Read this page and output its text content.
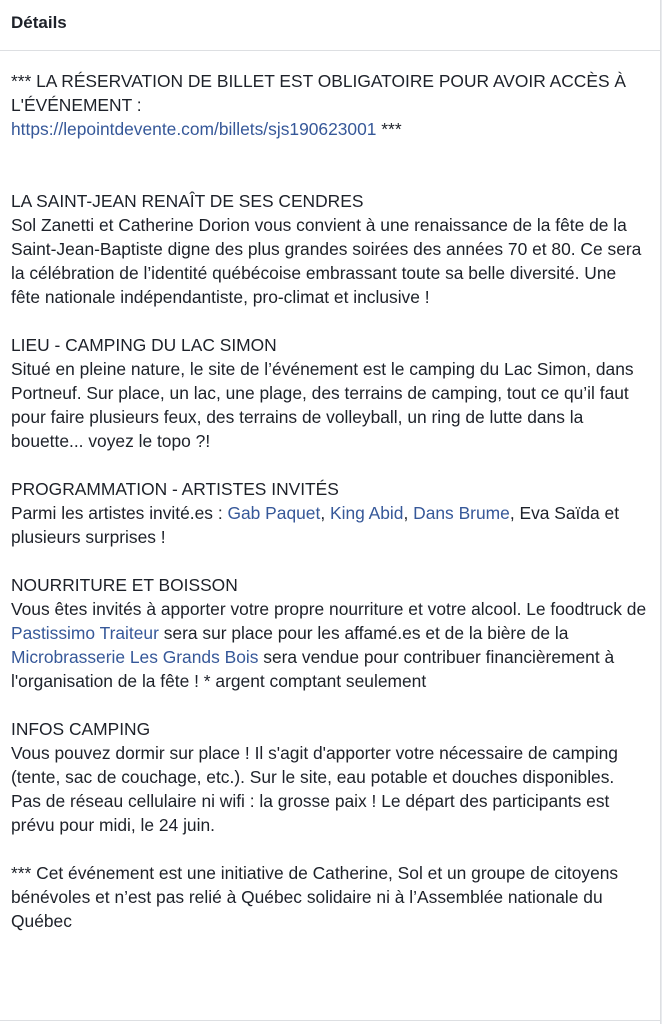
Détails

*** LA RÉSERVATION DE BILLET EST OBLIGATOIRE POUR AVOIR ACCÈS À L'ÉVÉNEMENT :
https://lepointdevente.com/billets/sjs190623001 ***

LA SAINT-JEAN RENAÎT DE SES CENDRES
Sol Zanetti et Catherine Dorion vous convient à une renaissance de la fête de la Saint-Jean-Baptiste digne des plus grandes soirées des années 70 et 80. Ce sera la célébration de l’identité québécoise embrassant toute sa belle diversité. Une fête nationale indépendantiste, pro-climat et inclusive !

LIEU - CAMPING DU LAC SIMON
Situé en pleine nature, le site de l’événement est le camping du Lac Simon, dans Portneuf. Sur place, un lac, une plage, des terrains de camping, tout ce qu’il faut pour faire plusieurs feux, des terrains de volleyball, un ring de lutte dans la bouette... voyez le topo ?!

PROGRAMMATION - ARTISTES INVITÉS
Parmi les artistes invité.es : Gab Paquet, King Abid, Dans Brume, Eva Saïda et plusieurs surprises !

NOURRITURE ET BOISSON
Vous êtes invités à apporter votre propre nourriture et votre alcool. Le foodtruck de Pastissimo Traiteur sera sur place pour les affamé.es et de la bière de la Microbrasserie Les Grands Bois sera vendue pour contribuer financièrement à l'organisation de la fête ! * argent comptant seulement

INFOS CAMPING
Vous pouvez dormir sur place ! Il s'agit d'apporter votre nécessaire de camping (tente, sac de couchage, etc.). Sur le site, eau potable et douches disponibles. Pas de réseau cellulaire ni wifi : la grosse paix ! Le départ des participants est prévu pour midi, le 24 juin.

*** Cet événement est une initiative de Catherine, Sol et un groupe de citoyens bénévoles et n’est pas relié à Québec solidaire ni à l’Assemblée nationale du Québec
